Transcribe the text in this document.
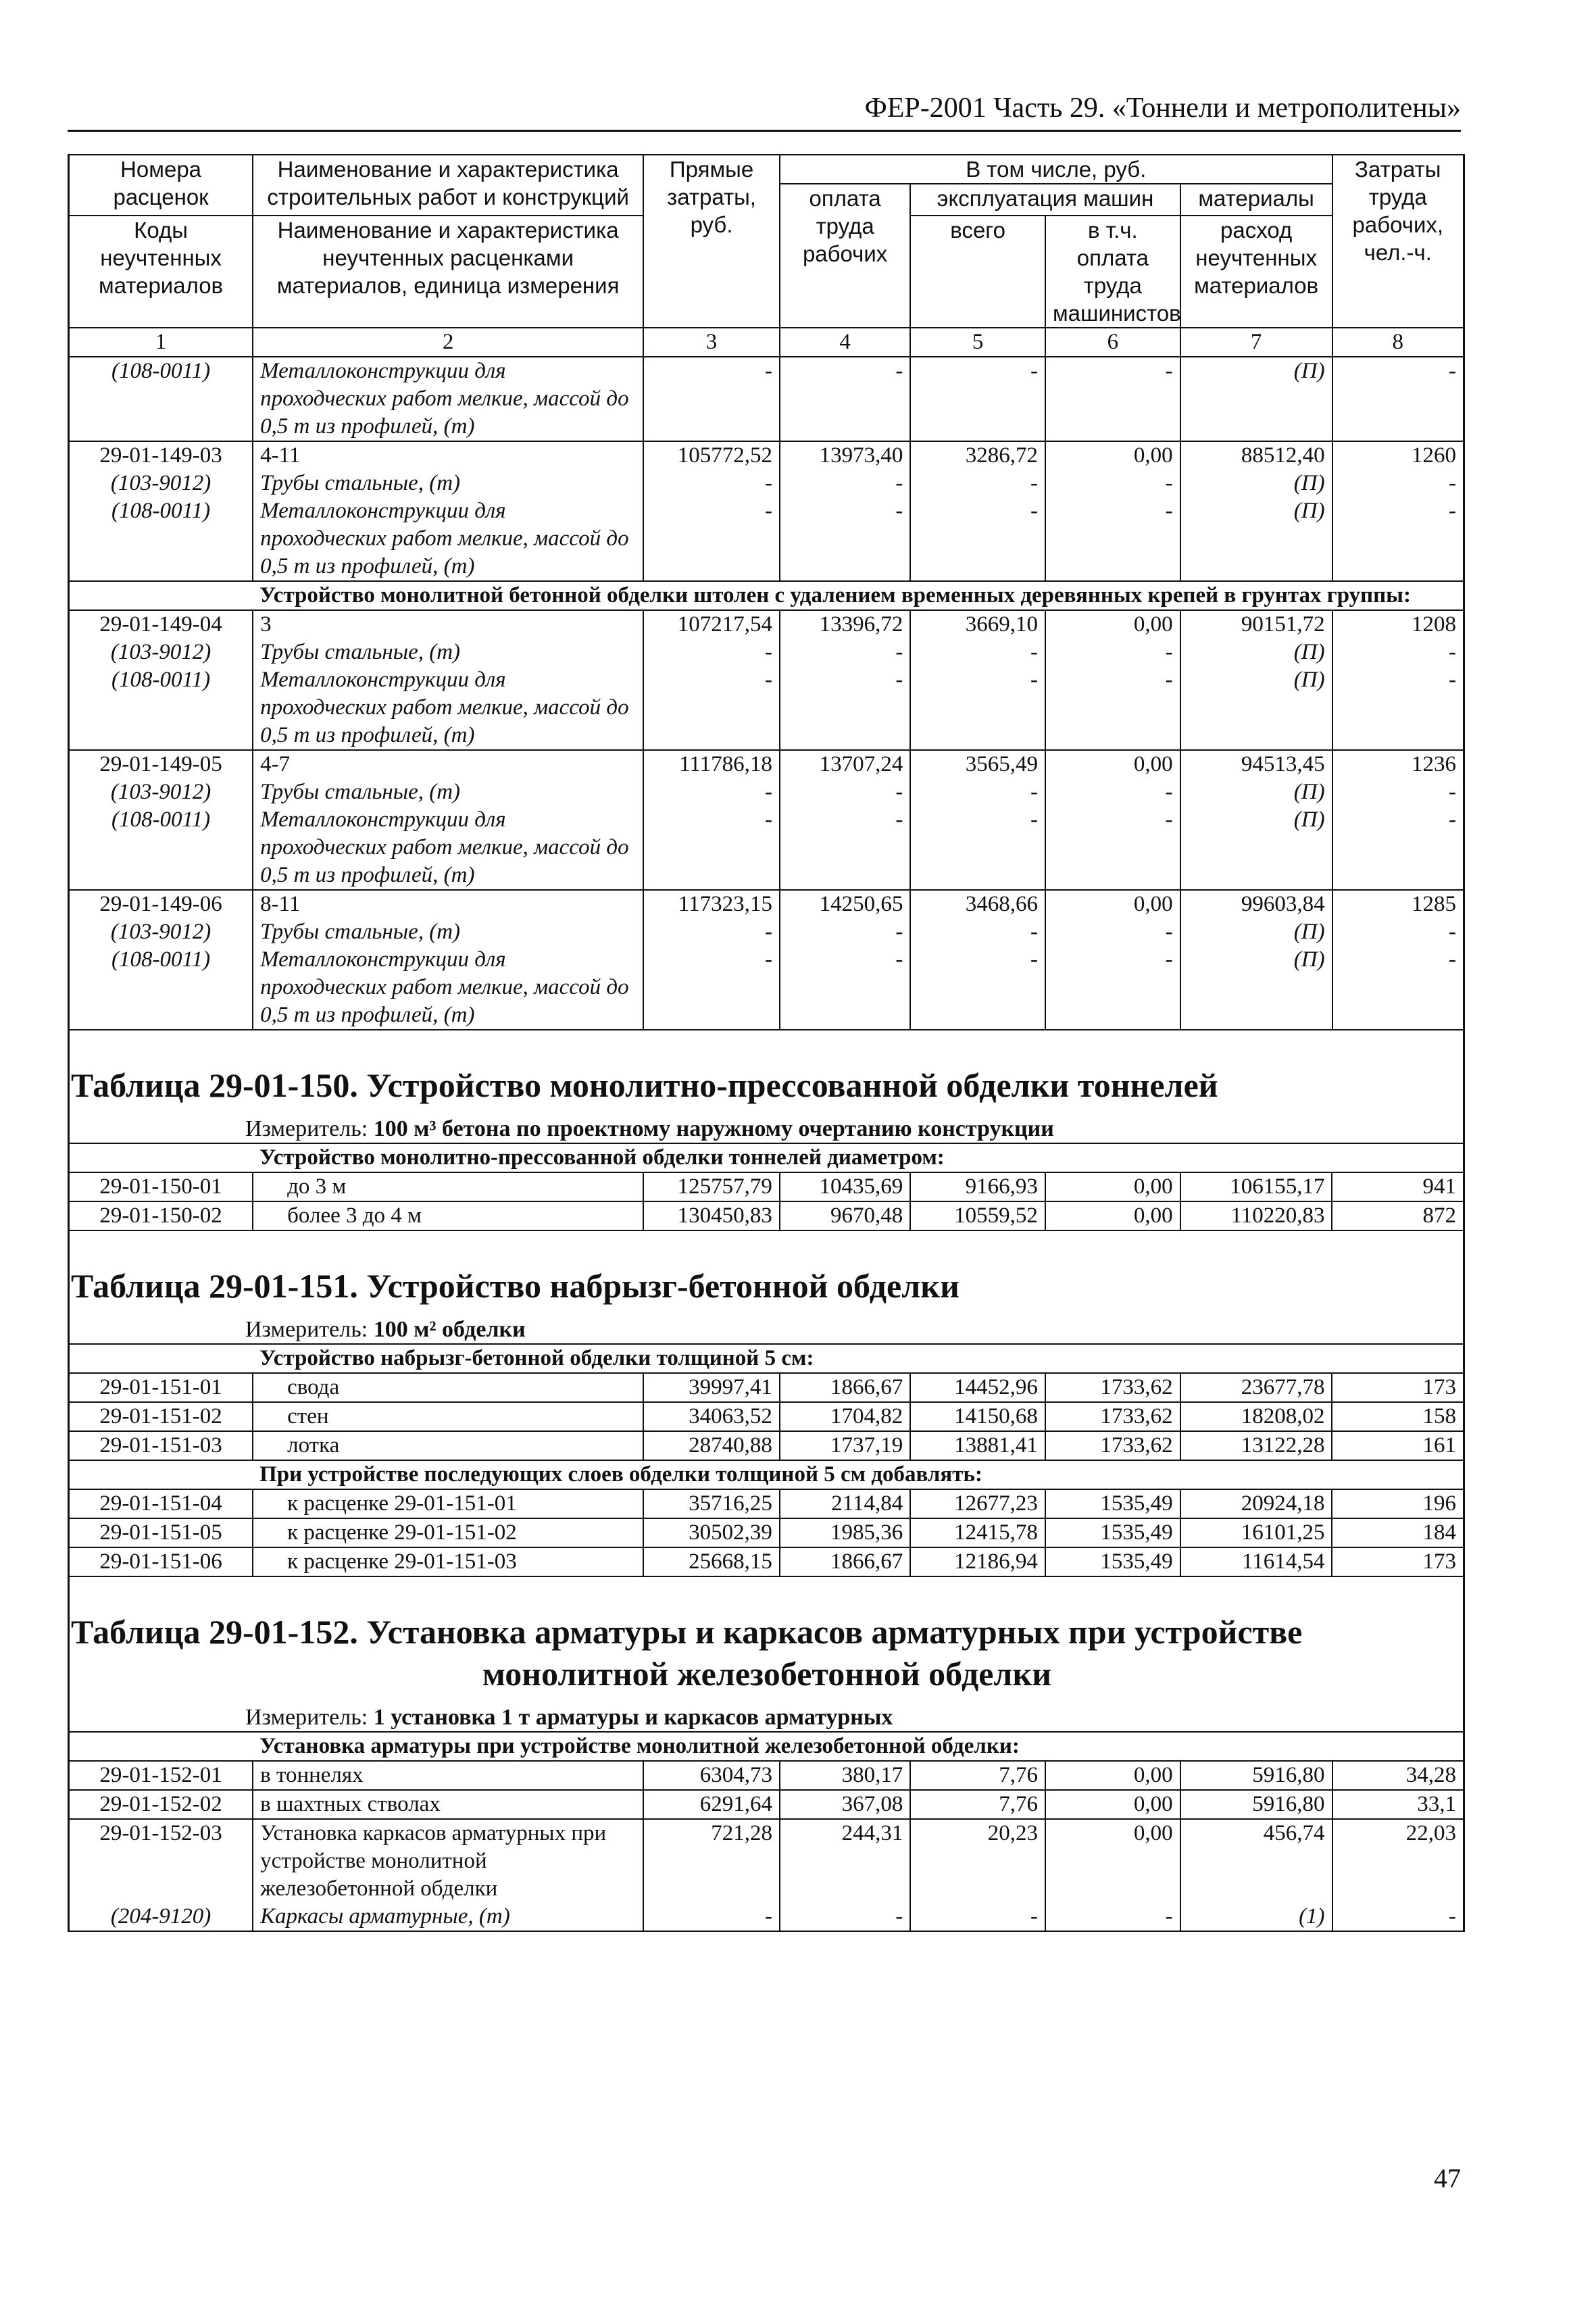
ФЕР-2001 Часть 29. «Тоннели и метрополитены»
Номера расценок	Наименование и характеристика строительных работ и конструкций	Прямые затраты, руб.	В том числе, руб.				Затраты труда рабочих, чел.-ч.
			оплата труда рабочих	эксплуатация машин		материалы	
Коды неучтенных материалов	Наименование и характеристика неучтенных расценками материалов, единица измерения			всего	в т.ч. оплата труда машинистов	расход неучтенных материалов	

1	2	3	4	5	6	7	8
(108-0011)	Металлоконструкции для проходческих работ мелкие, массой до 0,5 т из профилей, (т)	-	-	-	-	(П)	-
29-01-149-03	4-11	105772,52	13973,40	3286,72	0,00	88512,40	1260
(103-9012)	Трубы стальные, (т)	-	-	-	-	(П)	-
(108-0011)	Металлоконструкции для проходческих работ мелкие, массой до 0,5 т из профилей, (т)	-	-	-	-	(П)	-
	Устройство монолитной бетонной обделки штолен с удалением временных деревянных крепей в грунтах группы:						
29-01-149-04	3	107217,54	13396,72	3669,10	0,00	90151,72	1208
(103-9012)	Трубы стальные, (т)	-	-	-	-	(П)	-
(108-0011)	Металлоконструкции для проходческих работ мелкие, массой до 0,5 т из профилей, (т)	-	-	-	-	(П)	-
29-01-149-05	4-7	111786,18	13707,24	3565,49	0,00	94513,45	1236
(103-9012)	Трубы стальные, (т)	-	-	-	-	(П)	-
(108-0011)	Металлоконструкции для проходческих работ мелкие, массой до 0,5 т из профилей, (т)	-	-	-	-	(П)	-
29-01-149-06	8-11	117323,15	14250,65	3468,66	0,00	99603,84	1285
(103-9012)	Трубы стальные, (т)	-	-	-	-	(П)	-
(108-0011)	Металлоконструкции для проходческих работ мелкие, массой до 0,5 т из профилей, (т)	-	-	-	-	(П)	-
Таблица 29-01-150. Устройство монолитно-прессованной обделки тоннелей
Измеритель: 100 м³ бетона по проектному наружному очертанию конструкции
	Устройство монолитно-прессованной обделки тоннелей диаметром:						
29-01-150-01	до 3 м	125757,79	10435,69	9166,93	0,00	106155,17	941
29-01-150-02	более 3 до 4 м	130450,83	9670,48	10559,52	0,00	110220,83	872
Таблица 29-01-151. Устройство набрызг-бетонной обделки
Измеритель: 100 м² обделки
	Устройство набрызг-бетонной обделки толщиной 5 см:						
29-01-151-01	свода	39997,41	1866,67	14452,96	1733,62	23677,78	173
29-01-151-02	стен	34063,52	1704,82	14150,68	1733,62	18208,02	158
29-01-151-03	лотка	28740,88	1737,19	13881,41	1733,62	13122,28	161
	При устройстве последующих слоев обделки толщиной 5 см добавлять:						
29-01-151-04	к расценке 29-01-151-01	35716,25	2114,84	12677,23	1535,49	20924,18	196
29-01-151-05	к расценке 29-01-151-02	30502,39	1985,36	12415,78	1535,49	16101,25	184
29-01-151-06	к расценке 29-01-151-03	25668,15	1866,67	12186,94	1535,49	11614,54	173
Таблица 29-01-152. Установка арматуры и каркасов арматурных при устройстве
монолитной железобетонной обделки
Измеритель: 1 установка 1 т арматуры и каркасов арматурных
	Установка арматуры при устройстве монолитной железобетонной обделки:						
29-01-152-01	в тоннелях	6304,73	380,17	7,76	0,00	5916,80	34,28
29-01-152-02	в шахтных стволах	6291,64	367,08	7,76	0,00	5916,80	33,1
29-01-152-03	Установка каркасов арматурных при устройстве монолитной железобетонной обделки	721,28	244,31	20,23	0,00	456,74	22,03
(204-9120)	Каркасы арматурные, (т)	-	-	-	-	(1)	-
47
